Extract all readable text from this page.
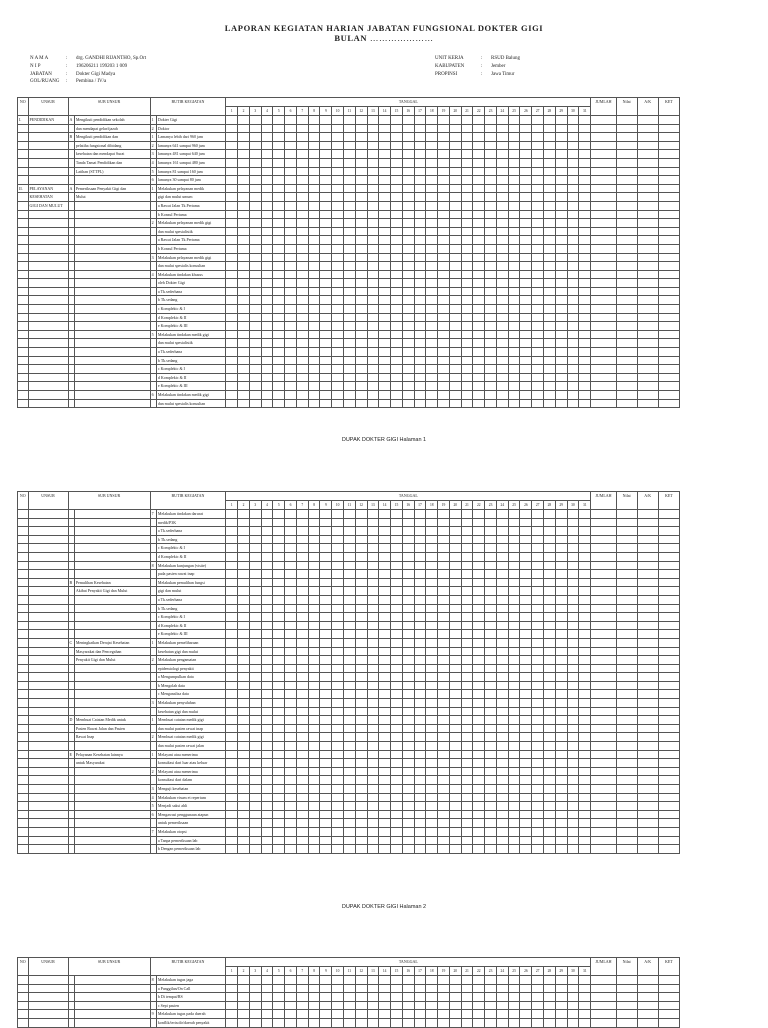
LAPORAN KEGIATAN HARIAN JABATAN FUNGSIONAL DOKTER GIGI
BULAN …………………
N A M A	:	drg. GANDHI RIJANTHO, Sp.Ort
N I P	:	196206211 199203 1 009
JABATAN	:	Dokter Gigi Madya
GOL/RUANG	:	Pembina / IV/a
UNIT KERJA	:	RSUD Balung
KABUPATEN	:	Jember
PROPINSI	:	Jawa Timur
NO	UNSUR	SUB UNSUR		BUTIR KEGIATAN		TANGGAL																															JUMLAH	Nilai	A/K	KET
						1	2	3	4	5	6	7	8	9	10	11	12	13	14	15	16	17	18	19	20	21	22	23	24	25	26	27	28	29	30	31				
I.	PENDIDIKAN	A	Mengikuti pendidikan sekolah	1	Dokter Gigi																																			
			dan mendapat gelar/ijazah	2	Doktor																																			
		B	Mengikuti pendidikan dan	1	Lamanya lebih dari 960 jam																																			
			pelatiha fungsional dibidang	2	lamanya 641 sampai 960 jam																																			
			kesehatan dan mendapat Surat	3	lamanya 481 sampai 640 jam																																			
			Tanda Tamat Pendidikan dan	4	lamanya 161 sampai 480 jam																																			
			Latihan (STTPL)	5	lamanya 81 sampai 160 jam																																			
				6	lamanya 30 sampai 80 jam																																			
II.	PELAYANAN	A	Pemeriksaan Penyakit Gigi dan	1	Melakukan pelayanan medik																																			
	KESEHATAN		Mulut		gigi dan mulut umum																																			
	GIGI DAN MULUT				a Rawat Jalan Tk.Pertama																																			
					b Konsul Pertama																																			
				2	Melakukan pelayanan medik gigi																																			
					dan mulut spesialistik																																			
					a Rawat Jalan Tk.Pertama																																			
					b Konsul Pertama																																			
				3	Melakukan pelayanan medik gigi																																			
					dan mulut spesialis konsultan																																			
				4	Melakukan tindakan khusus																																			
					oleh Dokter Gigi																																			
					a Tk.sederhana																																			
					b Tk.sedang																																			
					c Komplektс & I																																			
					d Komplektс & II																																			
					e Komplektс & III																																			
				5	Melakukan tindakan medik gigi																																			
					dan mulut spesialistik																																			
					a Tk.sederhana																																			
					b Tk.sedang																																			
					c Komplektс & I																																			
					d Komplektс & II																																			
					e Komplektс & III																																			
				6	Melakukan tindakan medik gigi																																			
					dan mulut spesialis konsultan																																			
DUPAK DOKTER GIGI Halaman 1
NO	UNSUR	SUB UNSUR		BUTIR KEGIATAN		TANGGAL																															JUMLAH	Nilai	A/K	KET
						1	2	3	4	5	6	7	8	9	10	11	12	13	14	15	16	17	18	19	20	21	22	23	24	25	26	27	28	29	30	31				
				7	Melakukan tindakan darurat																																			
					medik/P3K																																			
					a Tk.sederhana																																			
					b Tk.sedang																																			
					c Komplektс & I																																			
					d Komplektс & II																																			
				8	Melakukan kunjungan (visite)																																			
					pada pasien rawat inap																																			
		B	Pemulihan Kesehatan		Melakukan pemulihan fungsi																																			
			Akibat Penyakit Gigi dan Mulut		gigi dan mulut																																			
					a Tk.sederhana																																			
					b Tk.sedang																																			
					c Komplektс & I																																			
					d Komplektс & II																																			
					e Komplektс & III																																			
		C	Meningkatkan Derajat Kesehatan	1	Melakukan pemeliharaan																																			
			Masyarakat dan Pencegahan		kesehatan gigi dan mulut																																			
			Penyakit Gigi dan Mulut	2	Melakukan pengamatan																																			
					epidemiologi penyakit																																			
					a Mengumpulkan data																																			
					b Mengolah data																																			
					c Menganalisa data																																			
				3	Melakukan penyuluhan																																			
					kesehatan gigi dan mulut																																			
		D	Membuat Catatan Medik untuk	1	Membuat catatan medik gigi																																			
			Pasien Rawat Jalan dan Pasien		dan mulut pasien rawat inap																																			
			Rawat Inap	2	Membuat catatan medik gigi																																			
					dan mulut pasien rawat jalan																																			
		E	Pelayanan Kesehatan lainnya	1	Melayani atau menerima																																			
			untuk Masyarakat		konsultasi dari luar atau keluar																																			
				2	Melayani atau menerima																																			
					konsultasi dari dalam																																			
				3	Menguji kesehatan																																			
				4	Melakukan visum et repertum																																			
				5	Menjadi saksi ahli																																			
				6	Mengawasi penggunaan atapun																																			
					untuk pemeriksaan																																			
				7	Melakukan otopsi																																			
					a Tanpa pemeriksaan lab																																			
					b Dengan pemeriksaan lab																																			
DUPAK DOKTER GIGI Halaman 2
NO	UNSUR	SUB UNSUR		BUTIR KEGIATAN		TANGGAL																															JUMLAH	Nilai	A/K	KET
						1	2	3	4	5	6	7	8	9	10	11	12	13	14	15	16	17	18	19	20	21	22	23	24	25	26	27	28	29	30	31				
				8	Melakukan tugas jaga																																			
					a Panggilan/On Call																																			
					b Di tempat/RS																																			
					c Sepi pasien																																			
				9	Melakukan tugas pada daerah																																			
					konflik/terisolir/daerah penyakit																																			
